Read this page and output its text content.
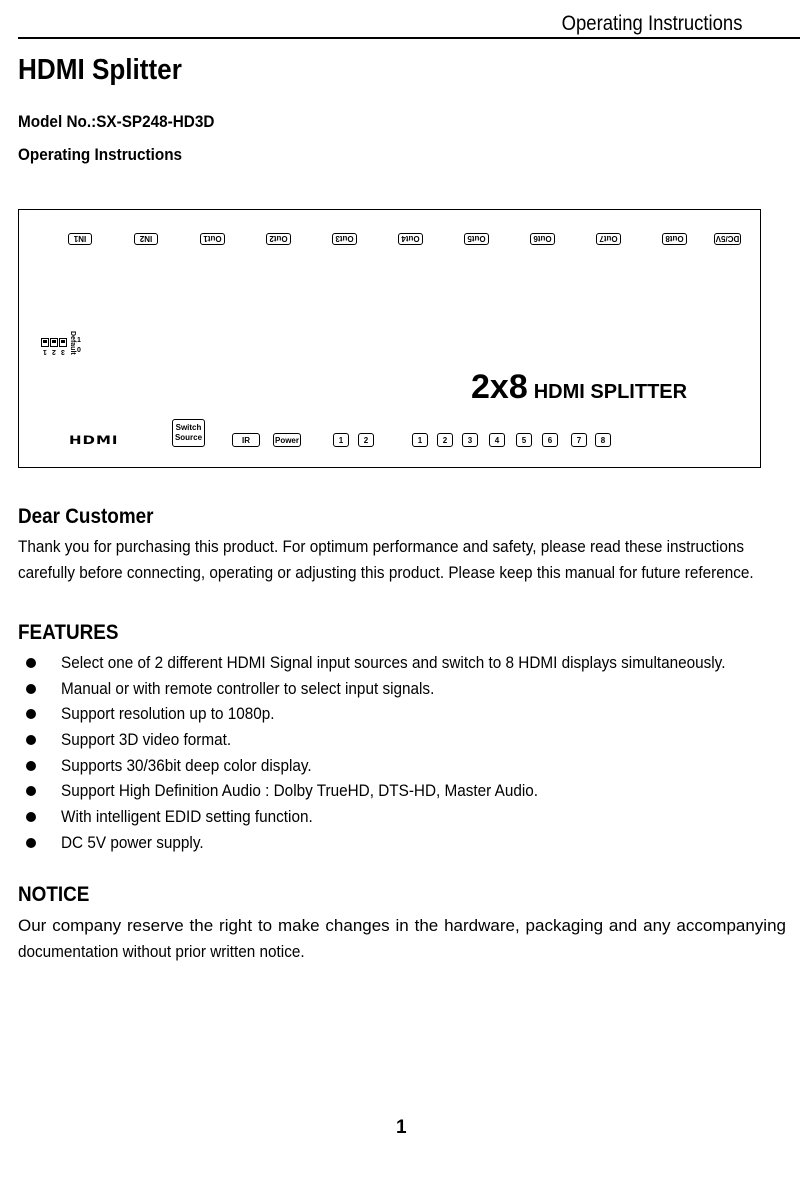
Operating Instructions
HDMI Splitter
Model No.:SX-SP248-HD3D
Operating Instructions
IN1	IN2	Out1	Out2	Out3	Out4	Out5	Out6	Out7	Out8	DC/5V
1 2 3 Default 1
0
2x8 HDMI SPLITTER
HDMI
Switch
Source	IR	Power	1	2	1	2	3	4	5	6	7	8
Dear Customer
Thank you for purchasing this product. For optimum performance and safety, please read these instructions
carefully before connecting, operating or adjusting this product. Please keep this manual for future reference.
FEATURES
Select one of 2 different HDMI Signal input sources and switch to 8 HDMI displays simultaneously.
Manual or with remote controller to select input signals.
Support resolution up to 1080p.
Support 3D video format.
Supports 30/36bit deep color display.
Support High Definition Audio : Dolby TrueHD, DTS-HD, Master Audio.
With intelligent EDID setting function.
DC 5V power supply.
NOTICE
Our company reserve the right to make changes in the hardware, packaging and any accompanying
documentation without prior written notice.
1
